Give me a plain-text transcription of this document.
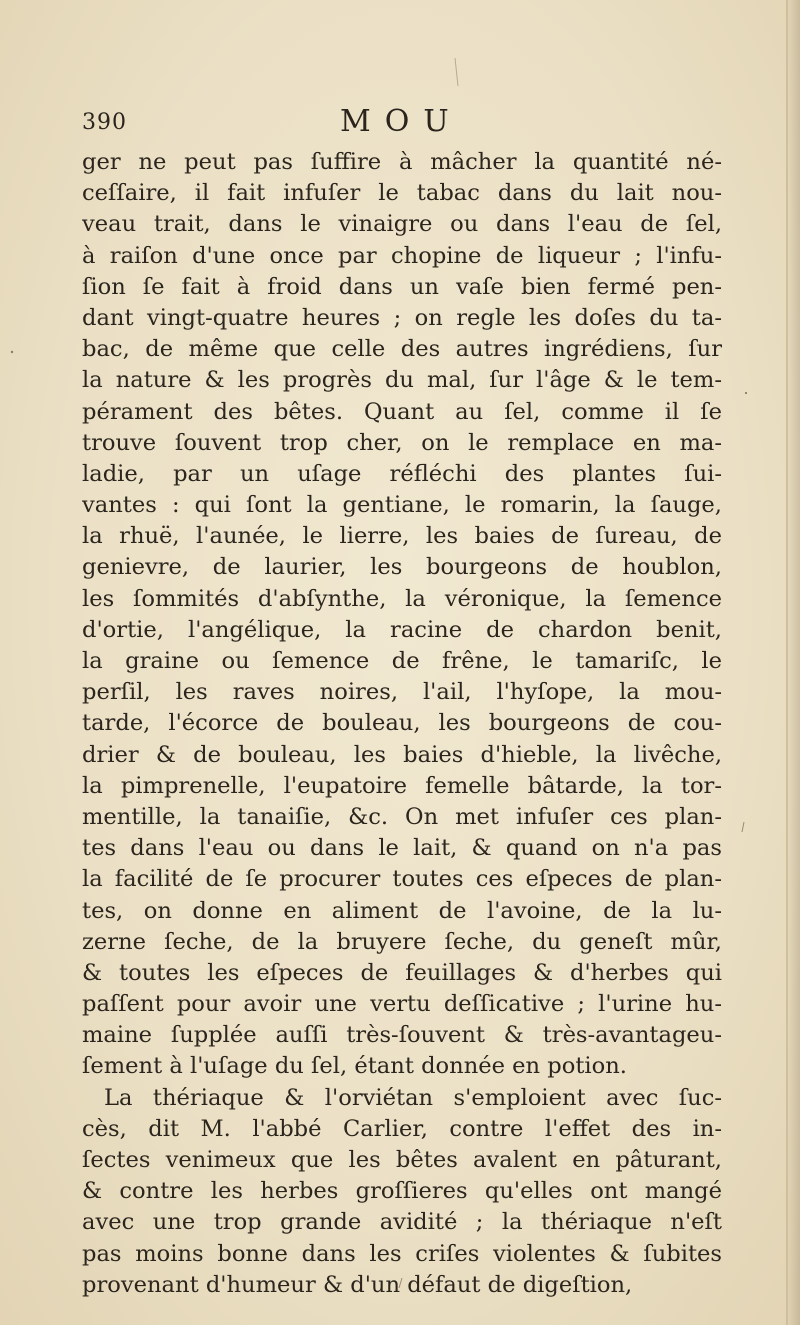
390	MOU
ger ne peut pas ſuffire à mâcher la quantité né-
ceſſaire, il fait infuſer le tabac dans du lait nou-
veau trait, dans le vinaigre ou dans l'eau de ſel,
à raiſon d'une once par chopine de liqueur ; l'infu-
ſion ſe fait à froid dans un vaſe bien fermé pen-
dant vingt-quatre heures ; on regle les doſes du ta-
bac, de même que celle des autres ingrédiens, ſur
la nature & les progrès du mal, ſur l'âge & le tem-
pérament des bêtes. Quant au ſel, comme il ſe
trouve ſouvent trop cher, on le remplace en ma-
ladie, par un uſage réfléchi des plantes ſui-
vantes : qui ſont la gentiane, le romarin, la ſauge,
la rhuë, l'aunée, le lierre, les baies de ſureau, de
genievre, de laurier, les bourgeons de houblon,
les ſommités d'abſynthe, la véronique, la ſemence
d'ortie, l'angélique, la racine de chardon benit,
la graine ou ſemence de frêne, le tamariſc, le
perſil, les raves noires, l'ail, l'hyſope, la mou-
tarde, l'écorce de bouleau, les bourgeons de cou-
drier & de bouleau, les baies d'hieble, la livêche,
la pimprenelle, l'eupatoire femelle bâtarde, la tor-
mentille, la tanaiſie, &c. On met infuſer ces plan-
tes dans l'eau ou dans le lait, & quand on n'a pas
la facilité de ſe procurer toutes ces eſpeces de plan-
tes, on donne en aliment de l'avoine, de la lu-
zerne ſeche, de la bruyere ſeche, du geneſt mûr,
& toutes les eſpeces de feuillages & d'herbes qui
paſſent pour avoir une vertu deſſicative ; l'urine hu-
maine ſupplée auſſi très-ſouvent & très-avantageu-
ſement à l'uſage du ſel, étant donnée en potion.
La thériaque & l'orviétan s'emploient avec ſuc-
cès, dit M. l'abbé Carlier, contre l'effet des in-
ſectes venimeux que les bêtes avalent en pâturant,
& contre les herbes groſſieres qu'elles ont mangé
avec une trop grande avidité ; la thériaque n'eſt
pas moins bonne dans les criſes violentes & ſubites
provenant d'humeur & d'un défaut de digeſtion,
